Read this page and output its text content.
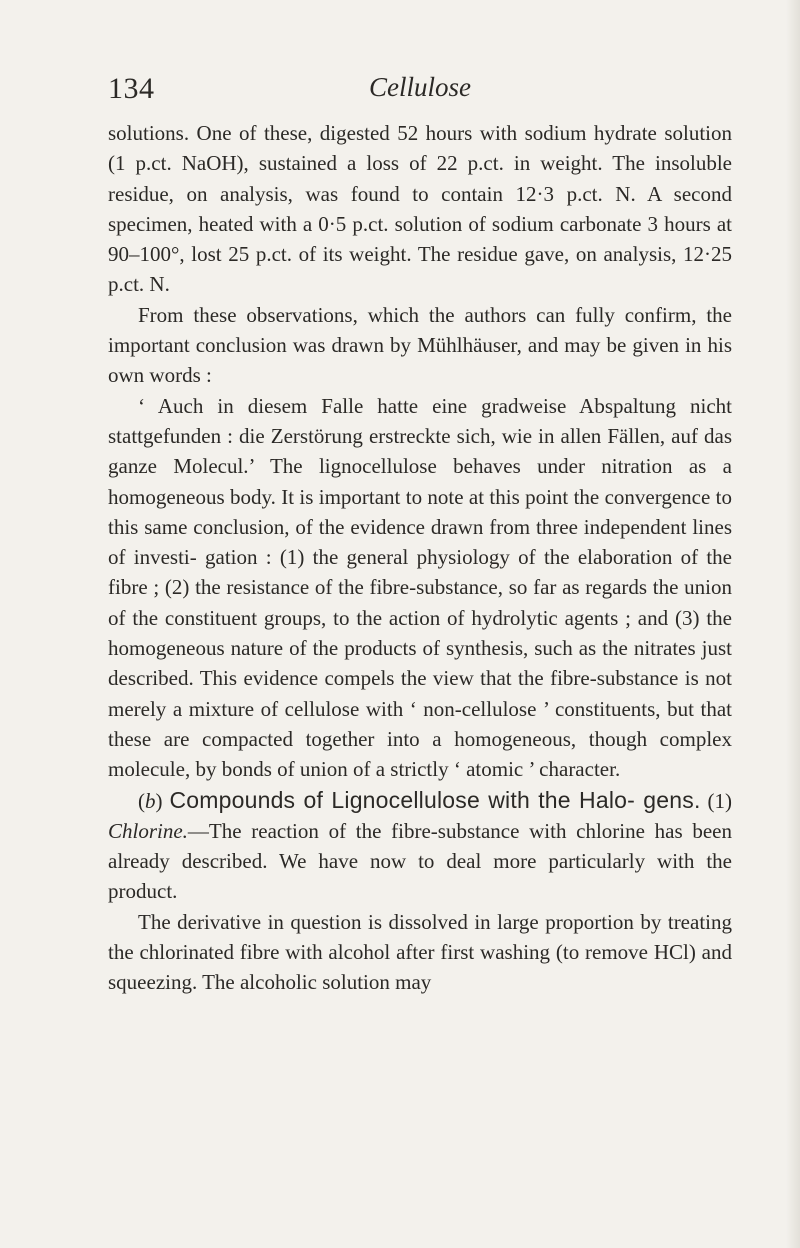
134	Cellulose

solutions. One of these, digested 52 hours with sodium hydrate solution (1 p.ct. NaOH), sustained a loss of 22 p.ct. in weight. The insoluble residue, on analysis, was found to contain 12·3 p.ct. N. A second specimen, heated with a 0·5 p.ct. solution of sodium carbonate 3 hours at 90–100°, lost 25 p.ct. of its weight. The residue gave, on analysis, 12·25 p.ct. N.

From these observations, which the authors can fully confirm, the important conclusion was drawn by Mühlhäuser, and may be given in his own words :

‘ Auch in diesem Falle hatte eine gradweise Abspaltung nicht stattgefunden : die Zerstörung erstreckte sich, wie in allen Fällen, auf das ganze Molecul.’ The lignocellulose behaves under nitration as a homogeneous body. It is important to note at this point the convergence to this same conclusion, of the evidence drawn from three independent lines of investi- gation : (1) the general physiology of the elaboration of the fibre ; (2) the resistance of the fibre-substance, so far as regards the union of the constituent groups, to the action of hydrolytic agents ; and (3) the homogeneous nature of the products of synthesis, such as the nitrates just described. This evidence compels the view that the fibre-substance is not merely a mixture of cellulose with ‘ non-cellulose ’ constituents, but that these are compacted together into a homogeneous, though complex molecule, by bonds of union of a strictly ‘ atomic ’ character.

(b) Compounds of Lignocellulose with the Halo- gens. (1) Chlorine.—The reaction of the fibre-substance with chlorine has been already described. We have now to deal more particularly with the product.

The derivative in question is dissolved in large proportion by treating the chlorinated fibre with alcohol after first washing (to remove HCl) and squeezing. The alcoholic solution may
